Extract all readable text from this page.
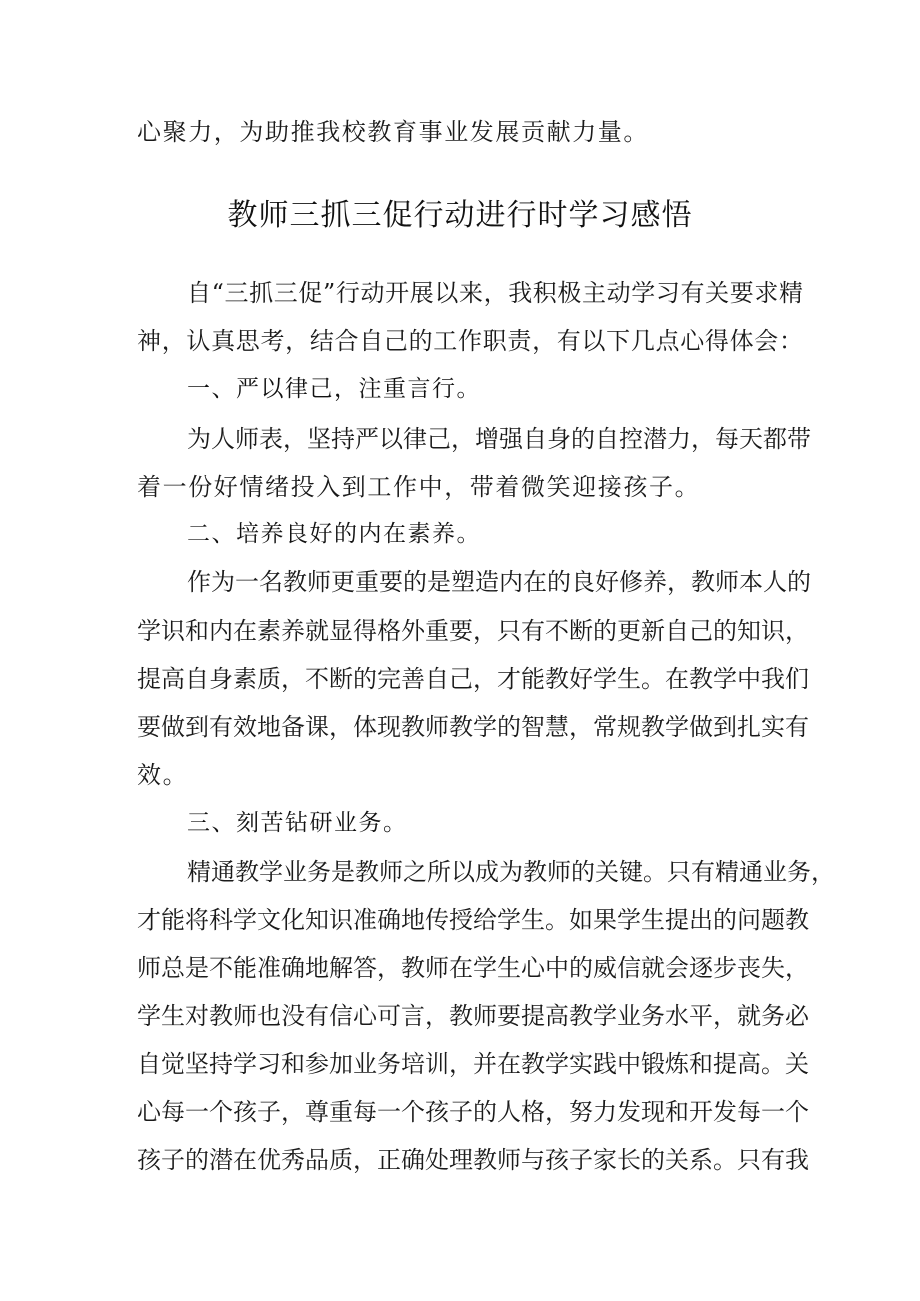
心聚力，为助推我校教育事业发展贡献力量。
教师三抓三促行动进行时学习感悟
自“三抓三促”行动开展以来，我积极主动学习有关要求精
神，认真思考，结合自己的工作职责，有以下几点心得体会：
一、严以律己，注重言行。
为人师表，坚持严以律己，增强自身的自控潜力，每天都带
着一份好情绪投入到工作中，带着微笑迎接孩子。
二、培养良好的内在素养。
作为一名教师更重要的是塑造内在的良好修养，教师本人的
学识和内在素养就显得格外重要，只有不断的更新自己的知识，
提高自身素质，不断的完善自己，才能教好学生。在教学中我们
要做到有效地备课，体现教师教学的智慧，常规教学做到扎实有
效。
三、刻苦钻研业务。
精通教学业务是教师之所以成为教师的关键。只有精通业务，
才能将科学文化知识准确地传授给学生。如果学生提出的问题教
师总是不能准确地解答，教师在学生心中的威信就会逐步丧失，
学生对教师也没有信心可言，教师要提高教学业务水平，就务必
自觉坚持学习和参加业务培训，并在教学实践中锻炼和提高。关
心每一个孩子，尊重每一个孩子的人格，努力发现和开发每一个
孩子的潜在优秀品质，正确处理教师与孩子家长的关系。只有我
